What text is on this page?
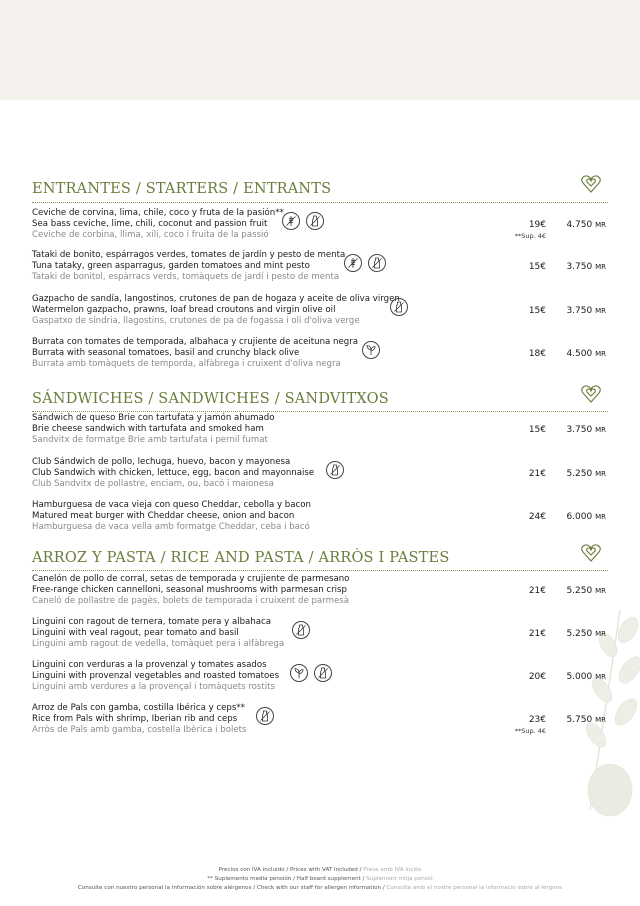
ENTRANTES / STARTERS / ENTRANTS
Ceviche de corvina, lima, chile, coco y fruta de la pasión**
Sea bass ceviche, lime, chili, coconut and passion fruit
Ceviche de corbina, llima, xili, coco i fruita de la passió
19€ 4.750 MR
**Sup. 4€
Tataki de bonito, espárragos verdes, tomates de jardín y pesto de menta
Tuna tataky, green asparragus, garden tomatoes and mint pesto
Tataki de bonitol, espàrracs verds, tomàquets de jardí i pesto de menta
15€ 3.750 MR
Gazpacho de sandía, langostinos, crutones de pan de hogaza y aceite de oliva virgen
Watermelon gazpacho, prawns, loaf bread croutons and virgin olive oil
Gaspatxo de síndria, llagostins, crutones de pa de fogassa i oli d'oliva verge
15€ 3.750 MR
Burrata con tomates de temporada, albahaca y crujiente de aceituna negra
Burrata with seasonal tomatoes, basil and crunchy black olive
Burrata amb tomàquets de temporda, alfàbrega i cruixent d'oliva negra
18€ 4.500 MR
SÁNDWICHES / SANDWICHES / SANDVITXOS
Sándwich de queso Brie con tartufata y jamón ahumado
Brie cheese sandwich with tartufata and smoked ham
Sandvitx de formatge Brie amb tartufata i pernil fumat
15€ 3.750 MR
Club Sándwich de pollo, lechuga, huevo, bacon y mayonesa
Club Sandwich with chicken, lettuce, egg, bacon and mayonnaise
Club Sandvitx de pollastre, enciam, ou, bacó i maionesa
21€ 5.250 MR
Hamburguesa de vaca vieja con queso Cheddar, cebolla y bacon
Matured meat burger with Cheddar cheese, onion and bacon
Hamburguesa de vaca vella amb formatge Cheddar, ceba i bacó
24€ 6.000 MR
ARROZ Y PASTA / RICE AND PASTA / ARRÒS I PASTES
Canelón de pollo de corral, setas de temporada y crujiente de parmesano
Free-range chicken cannelloni, seasonal mushrooms with parmesan crisp
Caneló de pollastre de pagès, bolets de temporada i cruixent de parmesà
21€ 5.250 MR
Linguini con ragout de ternera, tomate pera y albahaca
Linguini with veal ragout, pear tomato and basil
Linguini amb ragout de vedella, tomàquet pera i alfàbrega
21€ 5.250 MR
Linguini con verduras a la provenzal y tomates asados
Linguini with provenzal vegetables and roasted tomatoes
Linguini amb verdures a la provençal i tomàquets rostits
20€ 5.000 MR
Arroz de Pals con gamba, costilla Ibérica y ceps**
Rice from Pals with shrimp, Iberian rib and ceps
Arròs de Pals amb gamba, costella Ibèrica i bolets
23€ 5.750 MR
**Sup. 4€
Precios con IVA incluido / Prices with VAT included / Preus amb IVA inclòs
** Suplemento media pensión / Half board supplement / Suplement mitja pensió
Consulte con nuestro personal la información sobre alérgenos / Check with our staff for allergen information / Consulte amb el nostre personal la informació sobre al·lèrgens
